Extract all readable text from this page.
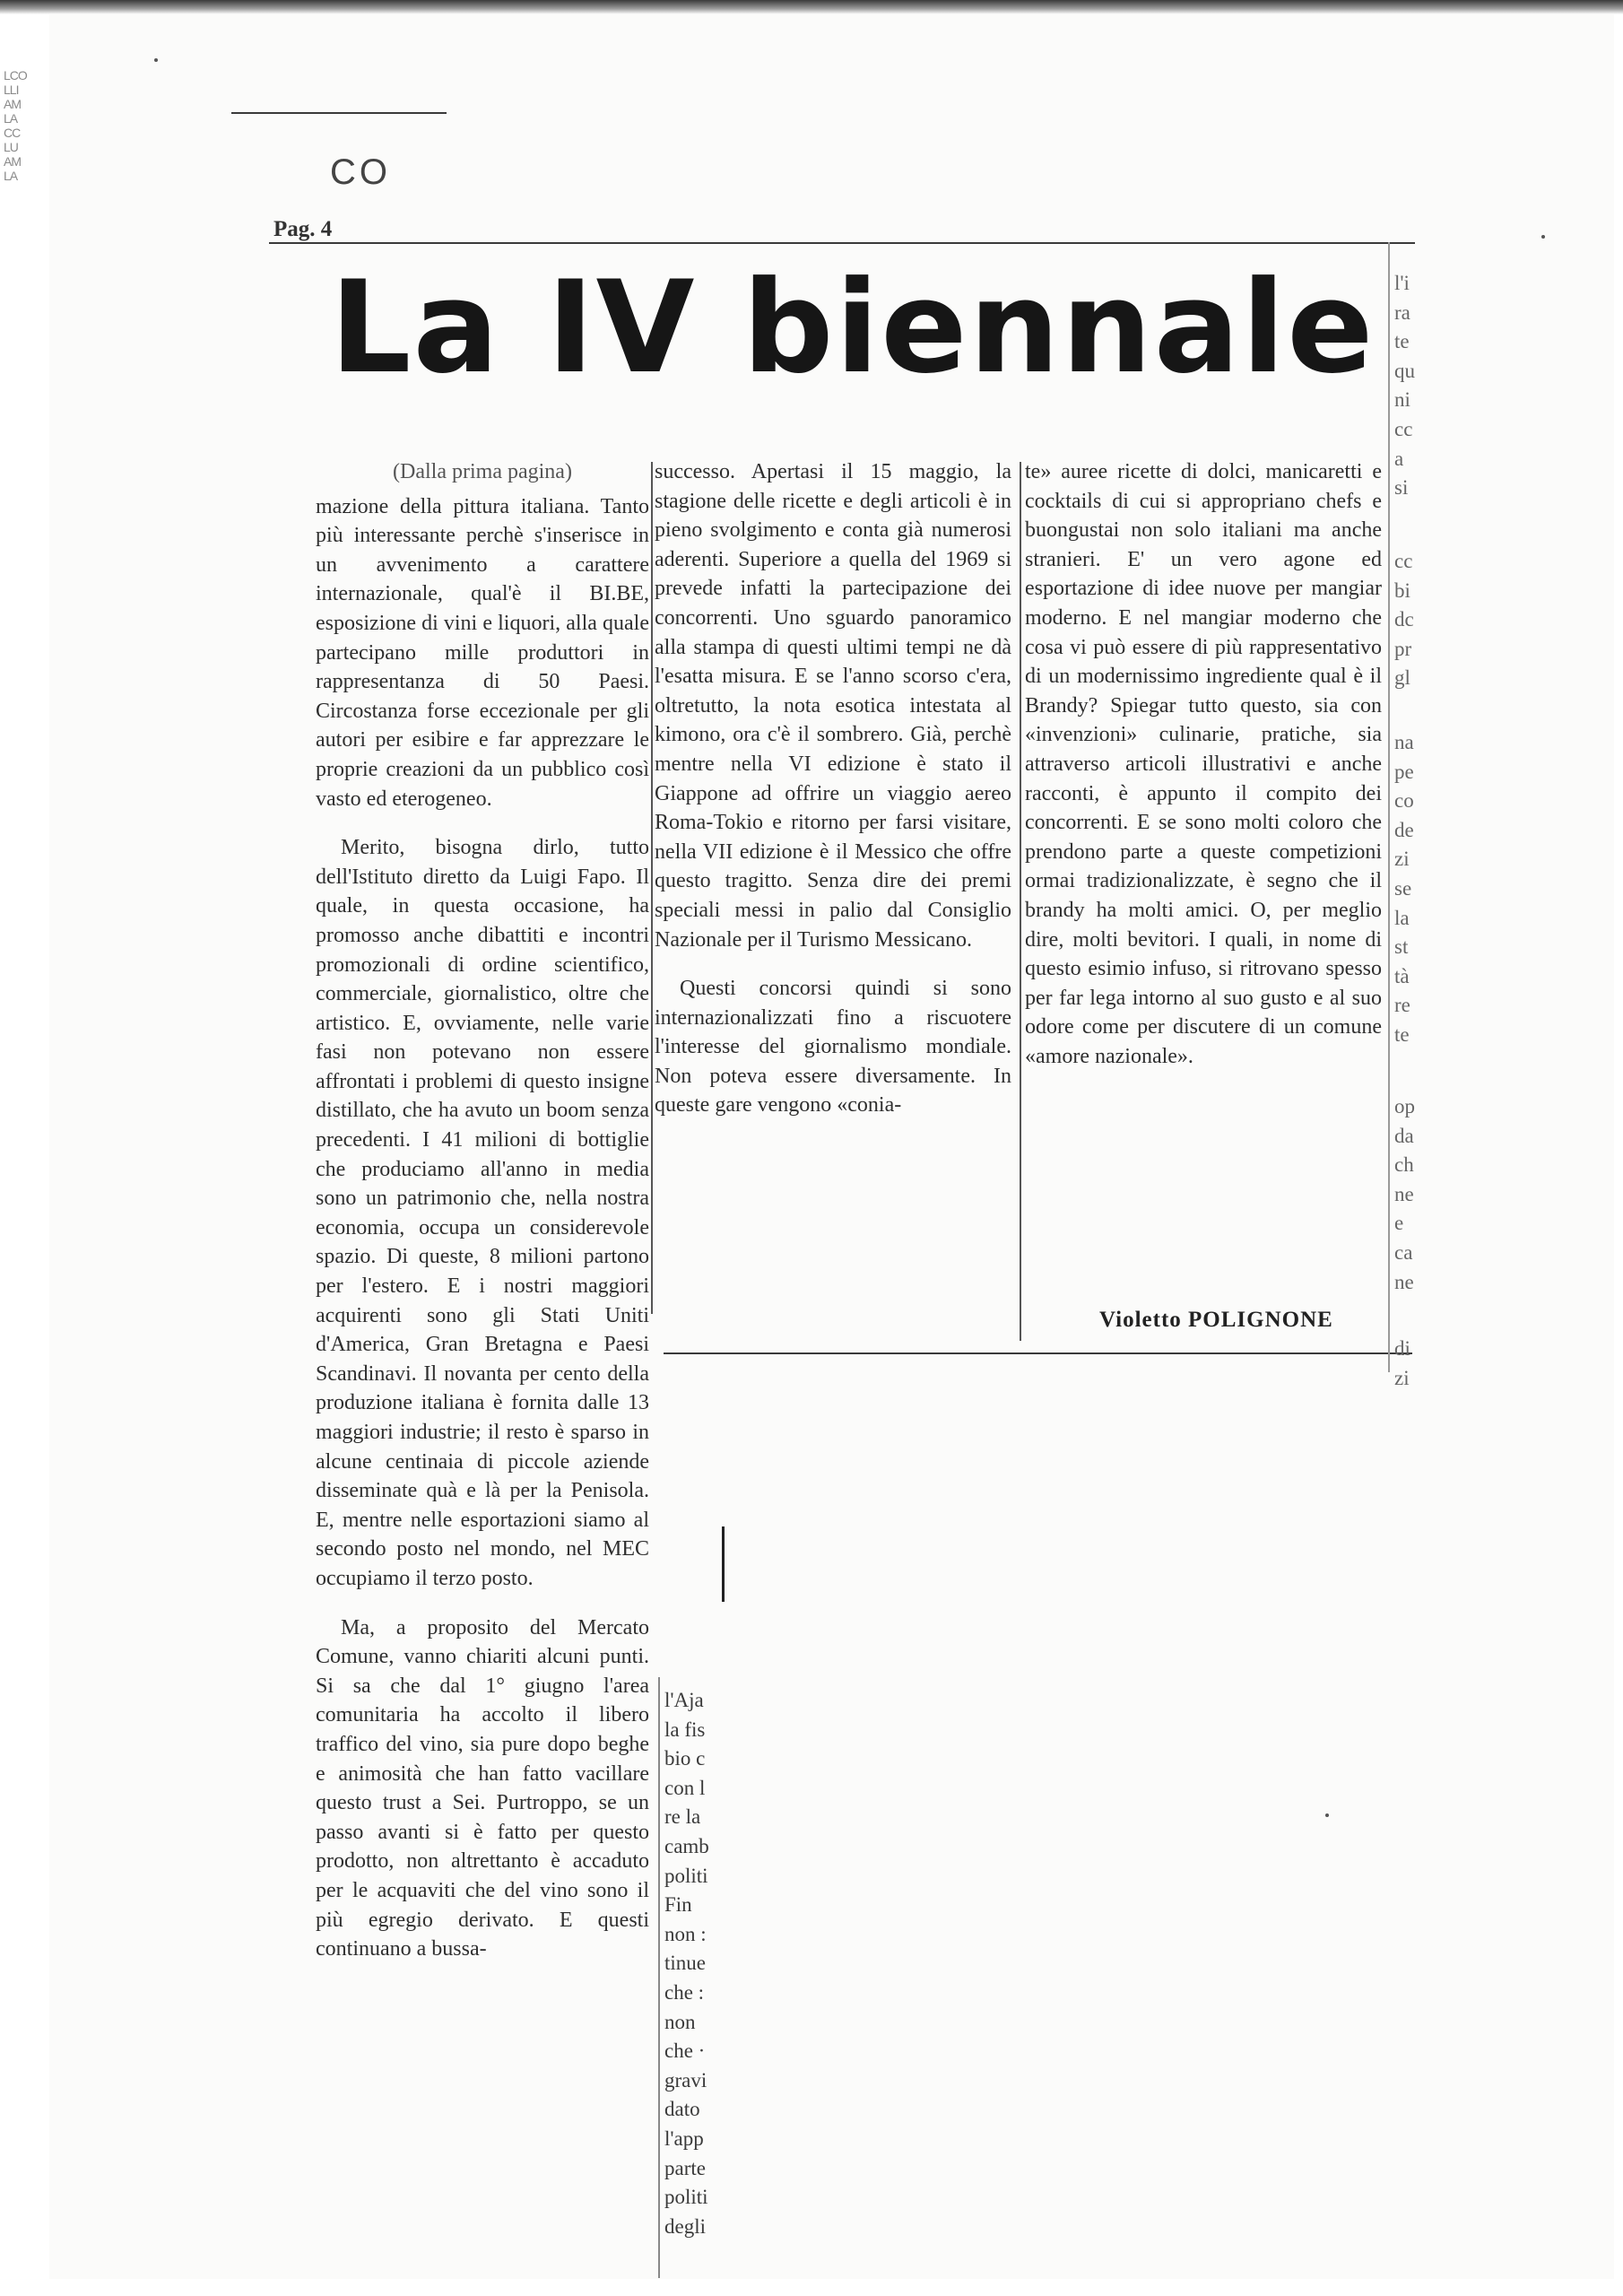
LCO
LLI
AM
LA
CC
LU
AM
LA	CO
Pag. 4
La IV biennale

(Dalla prima pagina)

mazione della pittura italiana. Tanto più interessante perchè s'inserisce in un avvenimento a carattere internazionale, qual'è il BI.BE, esposizione di vini e liquori, alla quale partecipano mille produttori in rappresentanza di 50 Paesi. Circostanza forse eccezionale per gli autori per esibire e far apprezzare le proprie creazioni da un pubblico così vasto ed eterogeneo.

Merito, bisogna dirlo, tutto dell'Istituto diretto da Luigi Fapo. Il quale, in questa occasione, ha promosso anche dibattiti e incontri promozionali di ordine scientifico, commerciale, giornalistico, oltre che artistico. E, ovviamente, nelle varie fasi non potevano non essere affrontati i problemi di questo insigne distillato, che ha avuto un boom senza precedenti. I 41 milioni di bottiglie che produciamo all'anno in media sono un patrimonio che, nella nostra economia, occupa un considerevole spazio. Di queste, 8 milioni partono per l'estero. E i nostri maggiori acquirenti sono gli Stati Uniti d'America, Gran Bretagna e Paesi Scandinavi. Il novanta per cento della produzione italiana è fornita dalle 13 maggiori industrie; il resto è sparso in alcune centinaia di piccole aziende disseminate quà e là per la Penisola. E, mentre nelle esportazioni siamo al secondo posto nel mondo, nel MEC occupiamo il terzo posto.

Ma, a proposito del Mercato Comune, vanno chiariti alcuni punti. Si sa che dal 1° giugno l'area comunitaria ha accolto il libero traffico del vino, sia pure dopo beghe e animosità che han fatto vacillare questo trust a Sei. Purtroppo, se un passo avanti si è fatto per questo prodotto, non altrettanto è accaduto per le acquaviti che del vino sono il più egregio derivato. E questi continuano a bussa-

successo. Apertasi il 15 maggio, la stagione delle ricette e degli articoli è in pieno svolgimento e conta già numerosi aderenti. Superiore a quella del 1969 si prevede infatti la partecipazione dei concorrenti. Uno sguardo panoramico alla stampa di questi ultimi tempi ne dà l'esatta misura. E se l'anno scorso c'era, oltretutto, la nota esotica intestata al kimono, ora c'è il sombrero. Già, perchè mentre nella VI edizione è stato il Giappone ad offrire un viaggio aereo Roma-Tokio e ritorno per farsi visitare, nella VII edizione è il Messico che offre questo tragitto. Senza dire dei premi speciali messi in palio dal Consiglio Nazionale per il Turismo Messicano.

Questi concorsi quindi si sono internazionalizzati fino a riscuotere l'interesse del giornalismo mondiale. Non poteva essere diversamente. In queste gare vengono «conia-

te» auree ricette di dolci, manicaretti e cocktails di cui si appropriano chefs e buongustai non solo italiani ma anche stranieri. E' un vero agone ed esportazione di idee nuove per mangiar moderno. E nel mangiar moderno che cosa vi può essere di più rappresentativo di un modernissimo ingrediente qual è il Brandy? Spiegar tutto questo, sia con «invenzioni» culinarie, pratiche, sia attraverso articoli illustrativi e anche racconti, è appunto il compito dei concorrenti. E se sono molti coloro che prendono parte a queste competizioni ormai tradizionalizzate, è segno che il brandy ha molti amici. O, per meglio dire, molti bevitori. I quali, in nome di questo esimio infuso, si ritrovano spesso per far lega intorno al suo gusto e al suo odore come per discutere di un comune «amore nazionale».

Violetto POLIGNONE
l'i
ra
te
qu
ni
cc
a
si
cc
bi
dc
pr
gl
na
pe
co
de
zi
se
la
st
tà
re
te
op
da
ch
ne
e
ca
ne
di
zi
l'Aja
la fis
bio c
con l
re la
camb
politi
Fin
non :
tinue
che :
non
che ·
gravi
dato
l'app
parte
politi
degli
